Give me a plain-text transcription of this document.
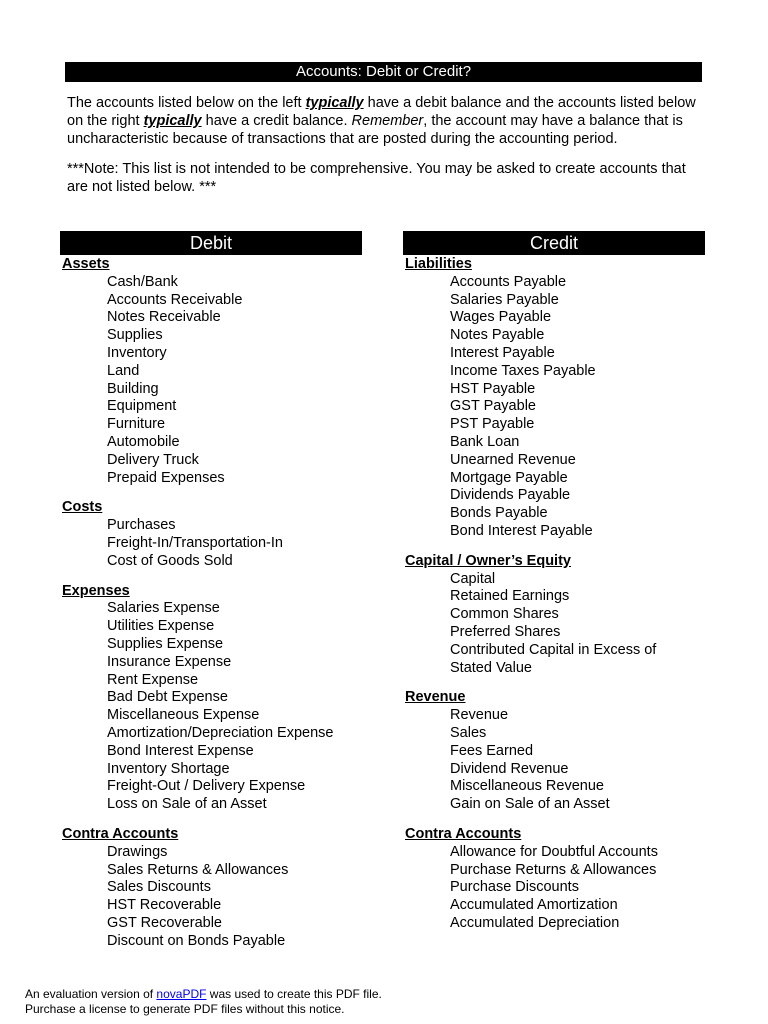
Accounts: Debit or Credit?

The accounts listed below on the left typically have a debit balance and the accounts listed below on the right typically have a credit balance. Remember, the account may have a balance that is uncharacteristic because of transactions that are posted during the accounting period.

***Note: This list is not intended to be comprehensive. You may be asked to create accounts that are not listed below. ***

Debit	Credit
Assets
Cash/Bank
Accounts Receivable
Notes Receivable
Supplies
Inventory
Land
Building
Equipment
Furniture
Automobile
Delivery Truck
Prepaid Expenses
Costs
Purchases
Freight-In/Transportation-In
Cost of Goods Sold
Expenses
Salaries Expense
Utilities Expense
Supplies Expense
Insurance Expense
Rent Expense
Bad Debt Expense
Miscellaneous Expense
Amortization/Depreciation Expense
Bond Interest Expense
Inventory Shortage
Freight-Out / Delivery Expense
Loss on Sale of an Asset
Contra Accounts
Drawings
Sales Returns & Allowances
Sales Discounts
HST Recoverable
GST Recoverable
Discount on Bonds Payable
Liabilities
Accounts Payable
Salaries Payable
Wages Payable
Notes Payable
Interest Payable
Income Taxes Payable
HST Payable
GST Payable
PST Payable
Bank Loan
Unearned Revenue
Mortgage Payable
Dividends Payable
Bonds Payable
Bond Interest Payable
Capital / Owner’s Equity
Capital
Retained Earnings
Common Shares
Preferred Shares
Contributed Capital in Excess of
Stated Value
Revenue
Revenue
Sales
Fees Earned
Dividend Revenue
Miscellaneous Revenue
Gain on Sale of an Asset
Contra Accounts
Allowance for Doubtful Accounts
Purchase Returns & Allowances
Purchase Discounts
Accumulated Amortization
Accumulated Depreciation
An evaluation version of novaPDF was used to create this PDF file.
Purchase a license to generate PDF files without this notice.
